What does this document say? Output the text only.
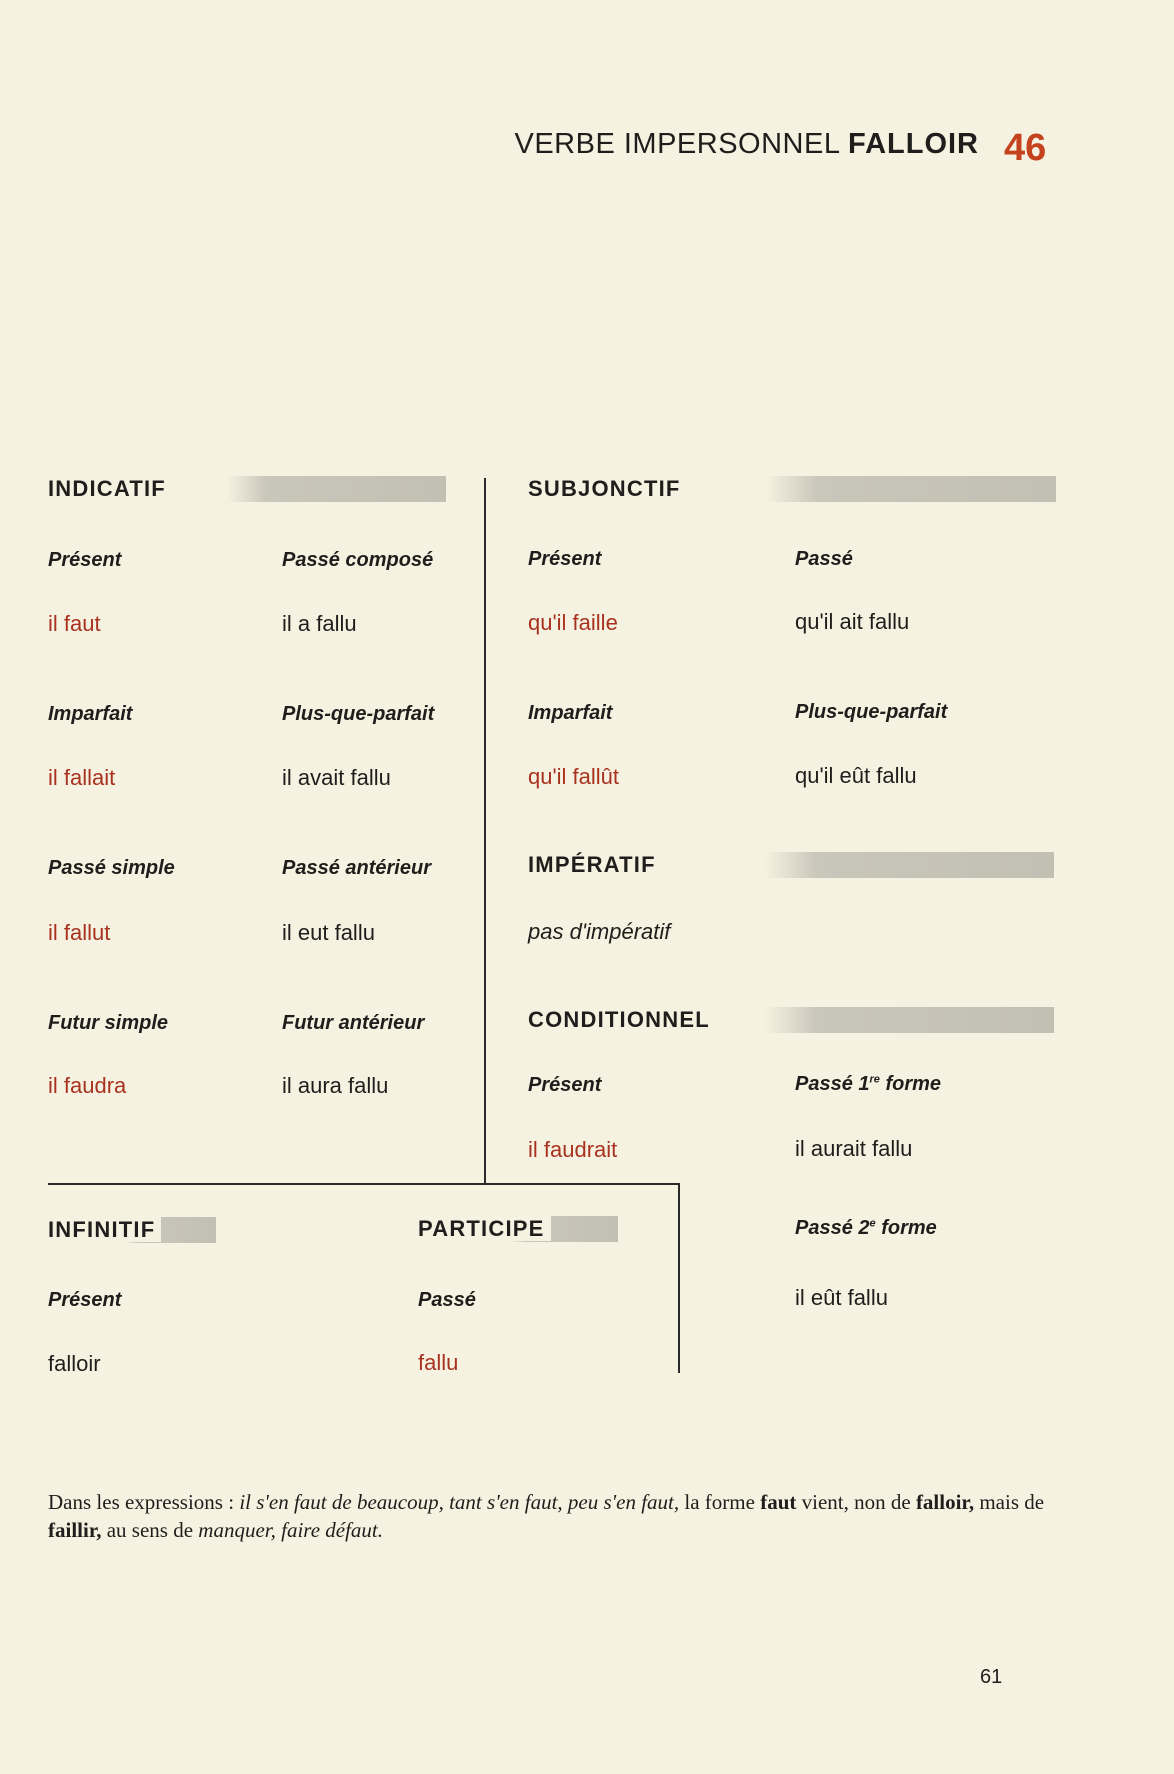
VERBE IMPERSONNEL FALLOIR 46
INDICATIF
Présent	Passé composé
il faut	il a fallu
Imparfait	Plus-que-parfait
il fallait	il avait fallu
Passé simple	Passé antérieur
il fallut	il eut fallu
Futur simple	Futur antérieur
il faudra	il aura fallu
SUBJONCTIF
Présent	Passé
qu'il faille	qu'il ait fallu
Imparfait	Plus-que-parfait
qu'il fallût	qu'il eût fallu
IMPÉRATIF
pas d'impératif
CONDITIONNEL
Présent	Passé 1re forme
il faudrait	il aurait fallu
Passé 2e forme
il eût fallu
INFINITIF
Présent
falloir
PARTICIPE
Passé
fallu
Dans les expressions : il s'en faut de beaucoup, tant s'en faut, peu s'en faut, la forme faut vient, non de falloir, mais de faillir, au sens de manquer, faire défaut.
61
